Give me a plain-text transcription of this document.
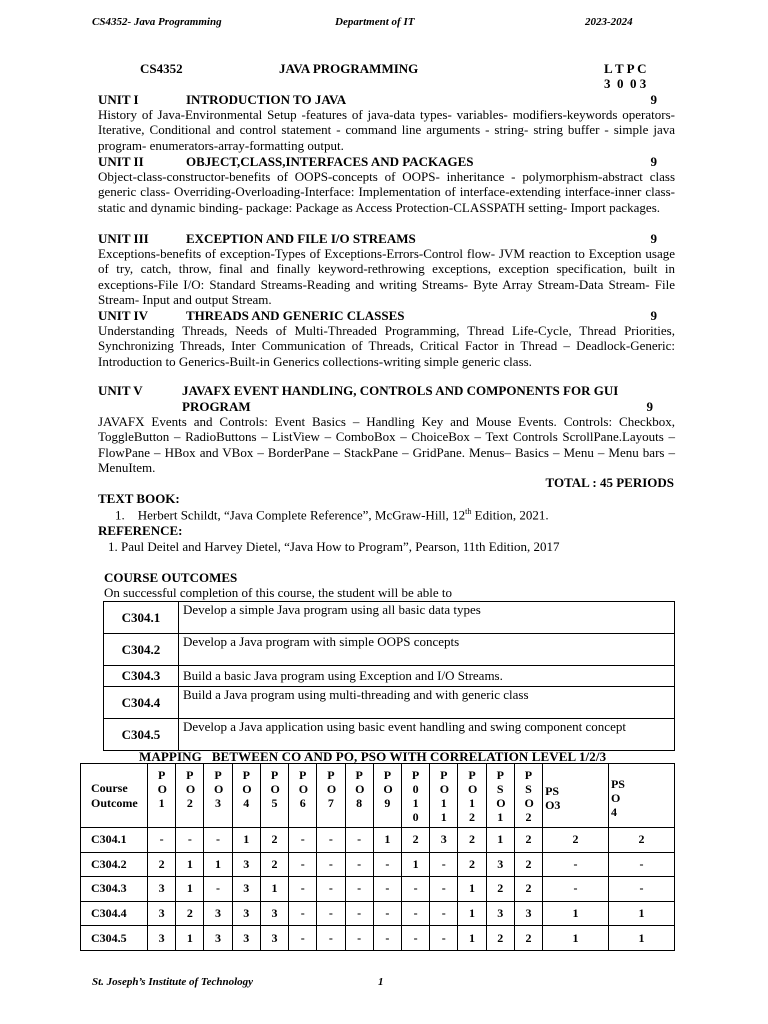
CS4352- Java Programming	Department of IT	2023-2024
CS4352	JAVA PROGRAMMING	L T P C
3  0  0 3
UNIT I	INTRODUCTION TO JAVA	9
History of Java-Environmental Setup -features of java-data types- variables- modifiers-keywords operators- Iterative, Conditional and control statement - command line arguments - string- string buffer - simple java program- enumerators-array-formatting output.
UNIT II	OBJECT,CLASS,INTERFACES AND PACKAGES	9
Object-class-constructor-benefits of OOPS-concepts of OOPS- inheritance - polymorphism-abstract class generic class- Overriding-Overloading-Interface: Implementation of interface-extending interface-inner class- static and dynamic binding- package: Package as Access Protection-CLASSPATH setting- Import packages.
UNIT III	EXCEPTION AND FILE I/O STREAMS	9
Exceptions-benefits of exception-Types of Exceptions-Errors-Control flow- JVM reaction to Exception usage of try, catch, throw, final and finally keyword-rethrowing exceptions, exception specification, built in exceptions-File I/O: Standard Streams-Reading and writing Streams- Byte Array Stream-Data Stream- File Stream- Input and output Stream.
UNIT IV	THREADS AND GENERIC CLASSES	9
Understanding Threads, Needs of Multi-Threaded Programming, Thread Life-Cycle, Thread Priorities, Synchronizing Threads, Inter Communication of Threads, Critical Factor in Thread – Deadlock-Generic: Introduction to Generics-Built-in Generics collections-writing simple generic class.
UNIT V	JAVAFX EVENT HANDLING, CONTROLS AND COMPONENTS FOR GUI
PROGRAM	9
JAVAFX Events and Controls: Event Basics – Handling Key and Mouse Events. Controls: Checkbox, ToggleButton – RadioButtons – ListView – ComboBox – ChoiceBox – Text Controls ScrollPane.Layouts – FlowPane – HBox and VBox – BorderPane – StackPane – GridPane. Menus– Basics – Menu – Menu bars – MenuItem.
TOTAL : 45 PERIODS
TEXT BOOK:
1. Herbert Schildt, “Java Complete Reference”, McGraw-Hill, 12th Edition, 2021.
REFERENCE:
1. Paul Deitel and Harvey Dietel, “Java How to Program”, Pearson, 11th Edition, 2017
COURSE OUTCOMES
On successful completion of this course, the student will be able to
C304.1	Develop a simple Java program using all basic data types
C304.2	Develop a Java program with simple OOPS concepts
C304.3	Build a basic Java program using Exception and I/O Streams.
C304.4	Build a Java program using multi-threading and with generic class
C304.5	Develop a Java application using basic event handling and swing component concept
MAPPING   BETWEEN CO AND PO, PSO WITH CORRELATION LEVEL 1/2/3
Course
Outcome	P O 1	P O 2	P O 3	P O 4	P O 5	P O 6	P O 7	P O 8	P O 9	P 0 1 0	P O 1 1	P O 1 2	P S O 1	P S O 2	PS O3	PS O 4
C304.1	-	-	-	1	2	-	-	-	1	2	3	2	1	2	2	2
C304.2	2	1	1	3	2	-	-	-	-	1	-	2	3	2	-	-
C304.3	3	1	-	3	1	-	-	-	-	-	-	1	2	2	-	-
C304.4	3	2	3	3	3	-	-	-	-	-	-	1	3	3	1	1
C304.5	3	1	3	3	3	-	-	-	-	-	-	1	2	2	1	1
St. Joseph’s Institute of Technology	1
